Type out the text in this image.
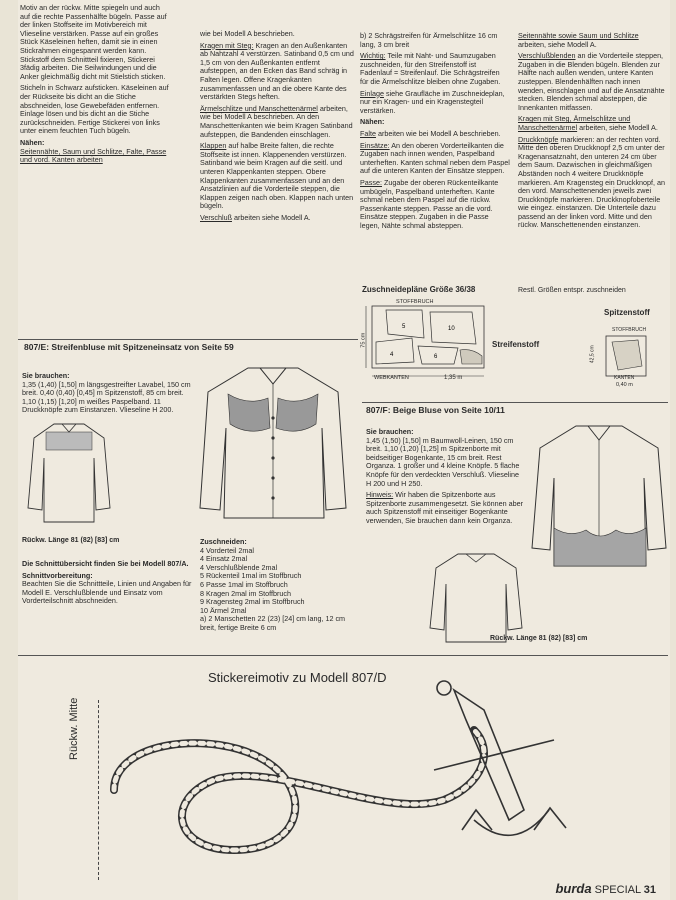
Motiv an der rückw. Mitte spiegeln und auch auf die rechte Passenhälfte bügeln. Passe auf der linken Stoffseite im Motivbereich mit Vlieseline verstärken. Passe auf ein großes Stück Käseleinen heften, damit sie in einen Stickrahmen eingespannt werden kann. Stickstoff dem Schnittteil fixieren, Stickerei 3fädig arbeiten. Die Seilwindungen und die Anker gleichmäßig dicht mit Stielstich sticken.

Sticheln in Schwarz aufsticken. Käseleinen auf der Rückseite bis dicht an die Stiche abschneiden, lose Gewebefäden entfernen. Einlage lösen und bis dicht an die Stiche zurückschneiden. Fertige Stickerei von links unter einem feuchten Tuch bügeln.

Nähen:
Seitennähte, Saum und Schlitze, Falte, Passe und vord. Kanten arbeiten

wie bei Modell A beschrieben.

Kragen mit Steg: Kragen an den Außenkanten ab Nahtzahl 4 verstürzen. Satinband 0,5 cm und 1,5 cm von den Außenkanten entfernt aufsteppen, an den Ecken das Band schräg in Falten legen. Offene Kragenkanten zusammenfassen und an die obere Kante des verstärkten Stegs heften.

Ärmelschlitze und Manschettenärmel arbeiten, wie bei Modell A beschrieben. An den Manschettenkanten wie beim Kragen Satinband aufsteppen, die Bandenden einschlagen.

Klappen auf halbe Breite falten, die rechte Stoffseite ist innen. Klappenenden verstürzen. Satinband wie beim Kragen auf die seitl. und unteren Klappenkanten steppen. Obere Klappenkanten zusammenfassen und an den Ansatzlinien auf die Vorderteile steppen, die Klappen zeigen nach oben. Klappen nach unten bügeln.

Verschluß arbeiten siehe Modell A.

b) 2 Schrägstreifen für Ärmelschlitze 16 cm lang, 3 cm breit

Wichtig: Teile mit Naht- und Saumzugaben zuschneiden, für den Streifenstoff ist Fadenlauf = Streifenlauf. Die Schrägstreifen für die Ärmelschlitze bleiben ohne Zugaben.

Einlage siehe Graufläche im Zuschneideplan, nur ein Kragen- und ein Kragenstegteil verstärken.

Nähen:

Falte arbeiten wie bei Modell A beschrieben.

Einsätze: An den oberen Vorderteilkanten die Zugaben nach innen wenden, Paspelband unterheften. Kanten schmal neben dem Paspel auf die unteren Kanten der Einsätze steppen.

Passe: Zugabe der oberen Rückenteilkante umbügeln, Paspelband unterheften. Kante schmal neben dem Paspel auf die rückw. Passenkante steppen. Passe an die vord. Einsätze steppen. Zugaben in die Passe legen, Nähte schmal absteppen.

Seitennähte sowie Saum und Schlitze arbeiten, siehe Modell A.

Verschlußblenden an die Vorderteile steppen, Zugaben in die Blenden bügeln. Blenden zur Hälfte nach außen wenden, untere Kanten zusteppen. Blendenhälften nach innen wenden, einschlagen und auf die Ansatznähte stecken. Blenden schmal absteppen, die Innenkanten mitfassen.

Kragen mit Steg, Ärmelschlitze und Manschettenärmel arbeiten, siehe Modell A.

Druckknöpfe markieren: an der rechten vord. Mitte den oberen Druckknopf 2,5 cm unter der Kragenansatznaht, den unteren 24 cm über dem Saum. Dazwischen in gleichmäßigen Abständen noch 4 weitere Druckknöpfe markieren. Am Kragensteg ein Druckknopf, an den vord. Manschettenenden jeweils zwei Druckknöpfe markieren. Druckknopfoberteile wie eingez. einstanzen. Die Unterteile dazu passend an der linken vord. Mitte und den rückw. Manschettenenden einstanzen.

Zuschneidepläne Größe 36/38	Restl. Größen entspr. zuschneiden
5	10
4	6
STOFFBRUCH
WEBKANTEN	1,35 m
75 cm	Streifenstoff
Spitzenstoff
STOFFBRUCH
KANTEN
0,40 m
42,5 cm
807/E: Streifenbluse mit Spitzeneinsatz von Seite 59

Sie brauchen:
1,35 (1,40) [1,50] m längsgestreifter Lavabel, 150 cm breit. 0,40 (0,40) [0,45] m Spitzenstoff, 85 cm breit. 1,10 (1,15) [1,20] m weißes Paspelband. 11 Druckknöpfe zum Einstanzen. Vlieseline H 200.

Rückw. Länge 81 (82) [83] cm

Die Schnittübersicht finden Sie bei Modell 807/A.

Schnittvorbereitung:
Beachten Sie die Schnittteile, Linien und Angaben für Modell E. Verschlußblende und Einsatz vom Vorderteilschnitt abschneiden.

Zuschneiden:
4 Vorderteil 2mal
4 Einsatz 2mal
4 Verschlußblende 2mal
5 Rückenteil 1mal im Stoffbruch
6 Passe 1mal im Stoffbruch
8 Kragen 2mal im Stoffbruch
9 Kragensteg 2mal im Stoffbruch
10 Ärmel 2mal
a) 2 Manschetten 22 (23) [24] cm lang, 12 cm breit, fertige Breite 6 cm
807/F: Beige Bluse von Seite 10/11

Sie brauchen:
1,45 (1,50) [1,50] m Baumwoll-Leinen, 150 cm breit. 1,10 (1,20) [1,25] m Spitzenborte mit beidseitiger Bogenkante, 15 cm breit. Rest Organza. 1 großer und 4 kleine Knöpfe. 5 flache Knöpfe für den verdeckten Verschluß. Vlieseline H 200 und H 250.

Hinweis: Wir haben die Spitzenborte aus Spitzenborte zusammengesetzt. Sie können aber auch Spitzenstoff mit einseitiger Bogenkante verwenden, Sie brauchen dann kein Organza.

Rückw. Länge 81 (82) [83] cm
Stickereimotiv zu Modell 807/D
Rückw. Mitte
burda SPECIAL 31
